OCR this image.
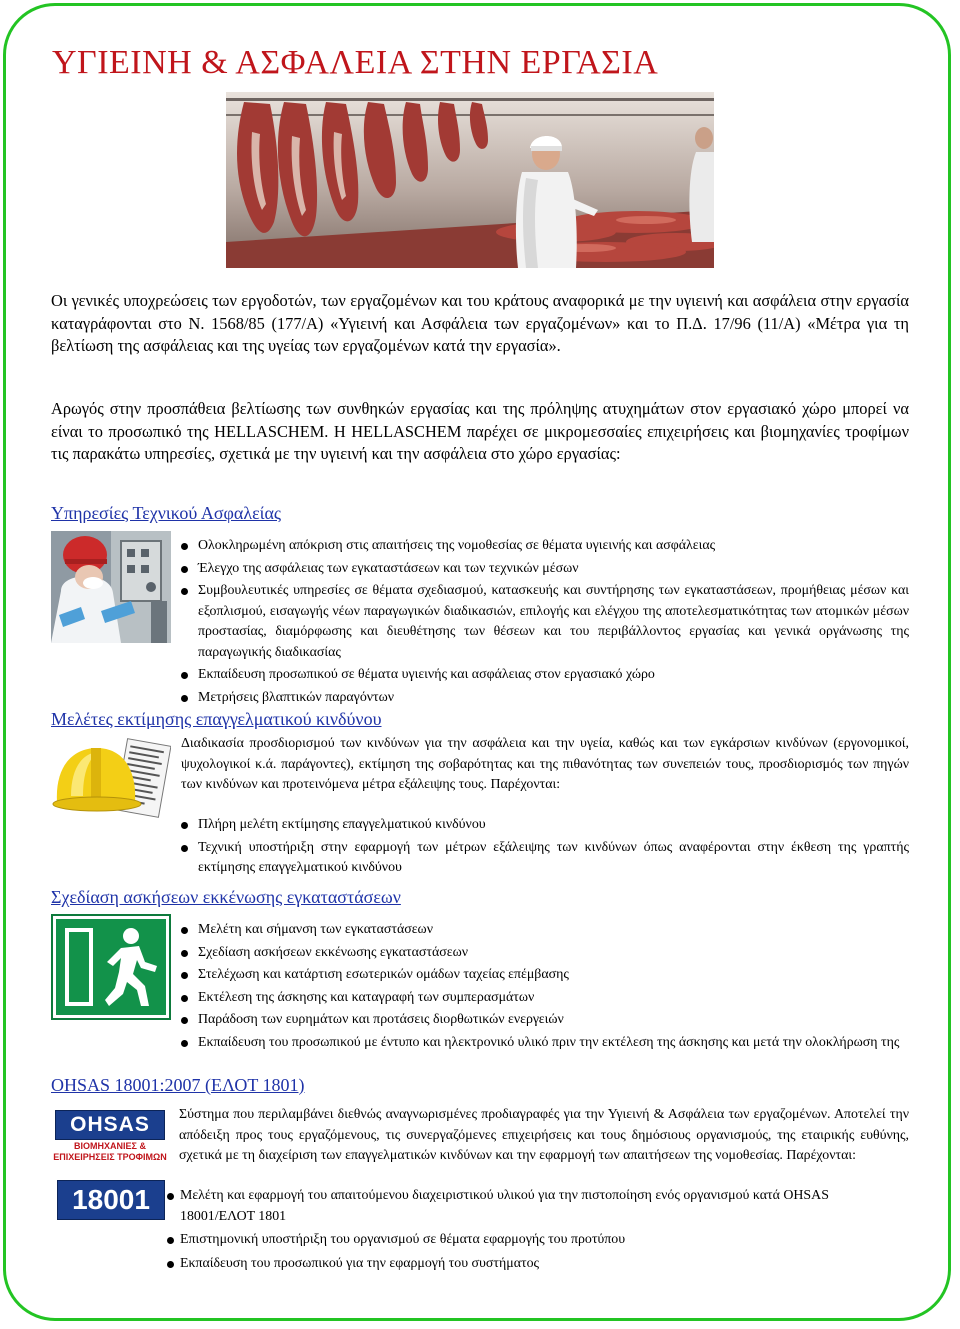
ΥΓΙΕΙΝΗ & ΑΣΦΑΛΕΙΑ ΣΤΗΝ ΕΡΓΑΣΙΑ

Οι γενικές υποχρεώσεις των εργοδοτών, των εργαζομένων και του κράτους αναφορικά με την υγιεινή και ασφάλεια στην εργασία καταγράφονται στο Ν. 1568/85 (177/Α) «Υγιεινή και Ασφάλεια των εργαζομένων» και το Π.Δ. 17/96 (11/Α) «Μέτρα για τη βελτίωση της ασφάλειας και της υγείας των εργαζομένων κατά την εργασία».

Αρωγός στην προσπάθεια βελτίωσης των συνθηκών εργασίας και της πρόληψης ατυχημάτων στον εργασιακό χώρο μπορεί να είναι το προσωπικό της HELLASCHEM. Η HELLASCHEM παρέχει σε μικρομεσσαίες επιχειρήσεις και βιομηχανίες τροφίμων τις παρακάτω υπηρεσίες, σχετικά με την υγιεινή και την ασφάλεια στο χώρο εργασίας:

Υπηρεσίες Τεχνικού Ασφαλείας
Ολοκληρωμένη απόκριση στις απαιτήσεις της νομοθεσίας σε θέματα υγιεινής και ασφάλειας
Έλεγχο της ασφάλειας των εγκαταστάσεων και των τεχνικών μέσων
Συμβουλευτικές υπηρεσίες σε θέματα σχεδιασμού, κατασκευής και συντήρησης των εγκαταστάσεων, προμήθειας μέσων και εξοπλισμού, εισαγωγής νέων παραγωγικών διαδικασιών, επιλογής και ελέγχου της αποτελεσματικότητας των ατομικών μέσων προστασίας, διαμόρφωσης και διευθέτησης των θέσεων και του περιβάλλοντος εργασίας και γενικά οργάνωσης της παραγωγικής διαδικασίας
Εκπαίδευση προσωπικού σε θέματα υγιεινής και ασφάλειας στον εργασιακό χώρο
Μετρήσεις βλαπτικών παραγόντων
Μελέτες εκτίμησης επαγγελματικού κινδύνου

Διαδικασία προσδιορισμού των κινδύνων για την ασφάλεια και την υγεία, καθώς και των εγκάρσιων κινδύνων (εργονομικοί, ψυχολογικοί κ.ά. παράγοντες), εκτίμηση της σοβαρότητας και της πιθανότητας των συνεπειών τους, προσδιορισμός των πηγών των κινδύνων και προτεινόμενα μέτρα εξάλειψης τους. Παρέχονται:

Πλήρη μελέτη εκτίμησης επαγγελματικού κινδύνου
Τεχνική υποστήριξη στην εφαρμογή των μέτρων εξάλειψης των κινδύνων όπως αναφέρονται στην έκθεση της γραπτής εκτίμησης επαγγελματικού κινδύνου
Σχεδίαση ασκήσεων εκκένωσης εγκαταστάσεων
Μελέτη και σήμανση των εγκαταστάσεων
Σχεδίαση ασκήσεων εκκένωσης εγκαταστάσεων
Στελέχωση και κατάρτιση εσωτερικών ομάδων ταχείας επέμβασης
Εκτέλεση της άσκησης και καταγραφή των συμπερασμάτων
Παράδοση των ευρημάτων και προτάσεις διορθωτικών ενεργειών
Εκπαίδευση του προσωπικού με έντυπο και ηλεκτρονικό υλικό πριν την εκτέλεση της άσκησης και μετά την ολοκλήρωση της
OHSAS 18001:2007 (ΕΛΟΤ 1801)
OHSAS
ΒΙΟΜΗΧΑΝΙΕΣ & ΕΠΙΧΕΙΡΗΣΕΙΣ ΤΡΟΦΙΜΩΝ
18001

Σύστημα που περιλαμβάνει διεθνώς αναγνωρισμένες προδιαγραφές για την Υγιεινή & Ασφάλεια των εργαζομένων. Αποτελεί την απόδειξη προς τους εργαζόμενους, τις συνεργαζόμενες επιχειρήσεις και τους δημόσιους οργανισμούς, της εταιρικής ευθύνης, σχετικά με τη διαχείριση των επαγγελματικών κινδύνων και την εφαρμογή των απαιτήσεων της νομοθεσίας. Παρέχονται:

Μελέτη και εφαρμογή του απαιτούμενου διαχειριστικού υλικού για την πιστοποίηση ενός οργανισμού κατά OHSAS 18001/ΕΛΟΤ 1801
Επιστημονική υποστήριξη του οργανισμού σε θέματα εφαρμογής του προτύπου
Εκπαίδευση του προσωπικού για την εφαρμογή του συστήματος
